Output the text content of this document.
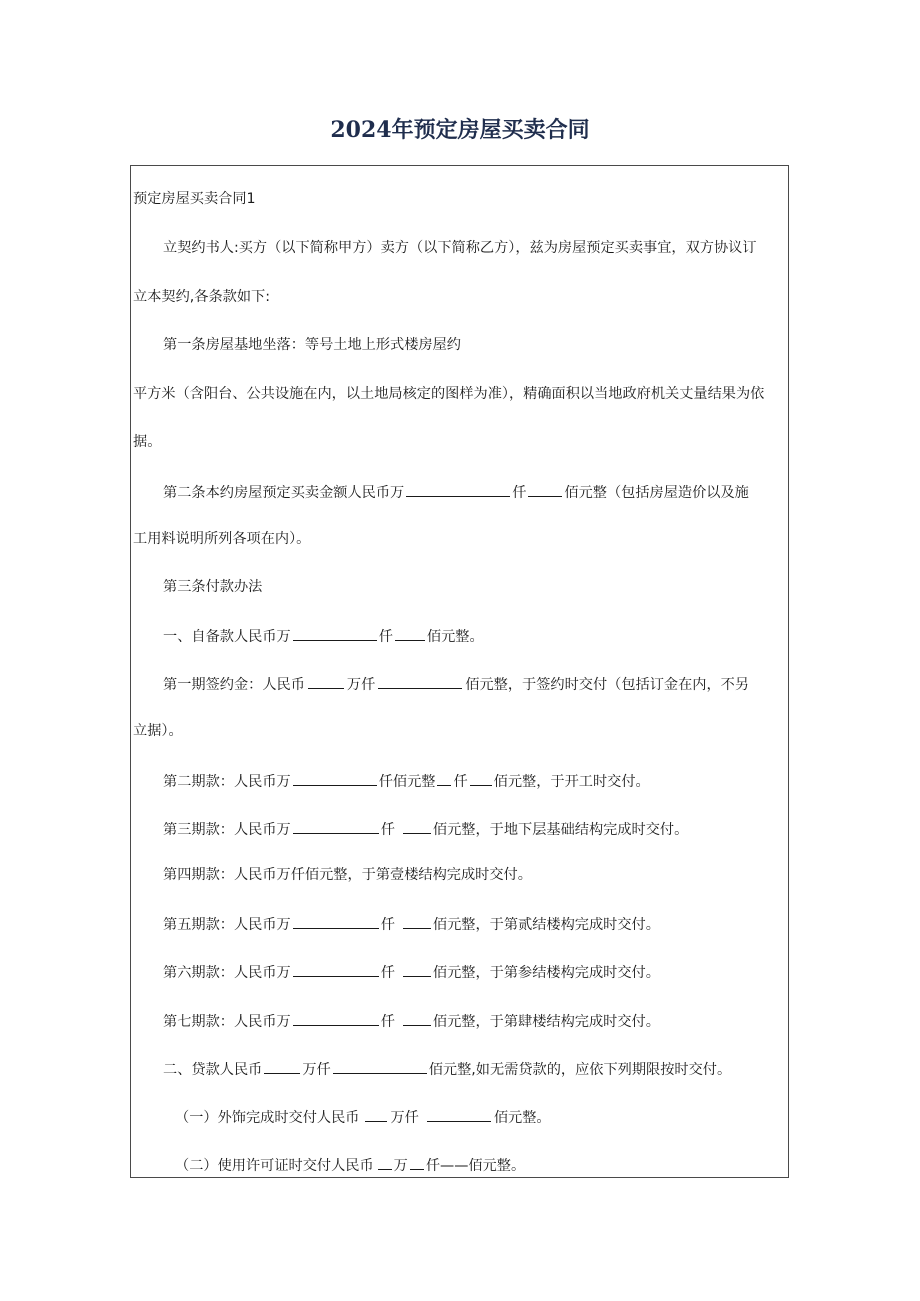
2024年预定房屋买卖合同
预定房屋买卖合同1
立契约书人:买方（以下简称甲方）卖方（以下简称乙方），兹为房屋预定买卖事宜，双方协议订
立本契约,各条款如下:
第一条房屋基地坐落：等号土地上形式楼房屋约
平方米（含阳台、公共设施在内，以土地局核定的图样为准），精确面积以当地政府机关丈量结果为依
据。
第二条本约房屋预定买卖金额人民币万	仟	佰元整（包括房屋造价以及施
工用料说明所列各项在内）。
第三条付款办法
一、自备款人民币万	仟 佰元整。
第一期签约金：人民币	万仟	佰元整，于签约时交付（包括订金在内，不另
立据）。
第二期款：人民币万	仟佰元整 仟 佰元整，于开工时交付。
第三期款：人民币万	仟	佰元整，于地下层基础结构完成时交付。
第四期款：人民币万仟佰元整，于第壹楼结构完成时交付。
第五期款：人民币万	仟	佰元整，于第贰结楼构完成时交付。
第六期款：人民币万	仟	佰元整，于第参结楼构完成时交付。
第七期款：人民币万	仟	佰元整，于第肆楼结构完成时交付。
二、贷款人民币	万仟	佰元整,如无需贷款的，应依下列期限按时交付。
（一）外饰完成时交付人民币 万仟	佰元整。
（二）使用许可证时交付人民币 万 仟——佰元整。
